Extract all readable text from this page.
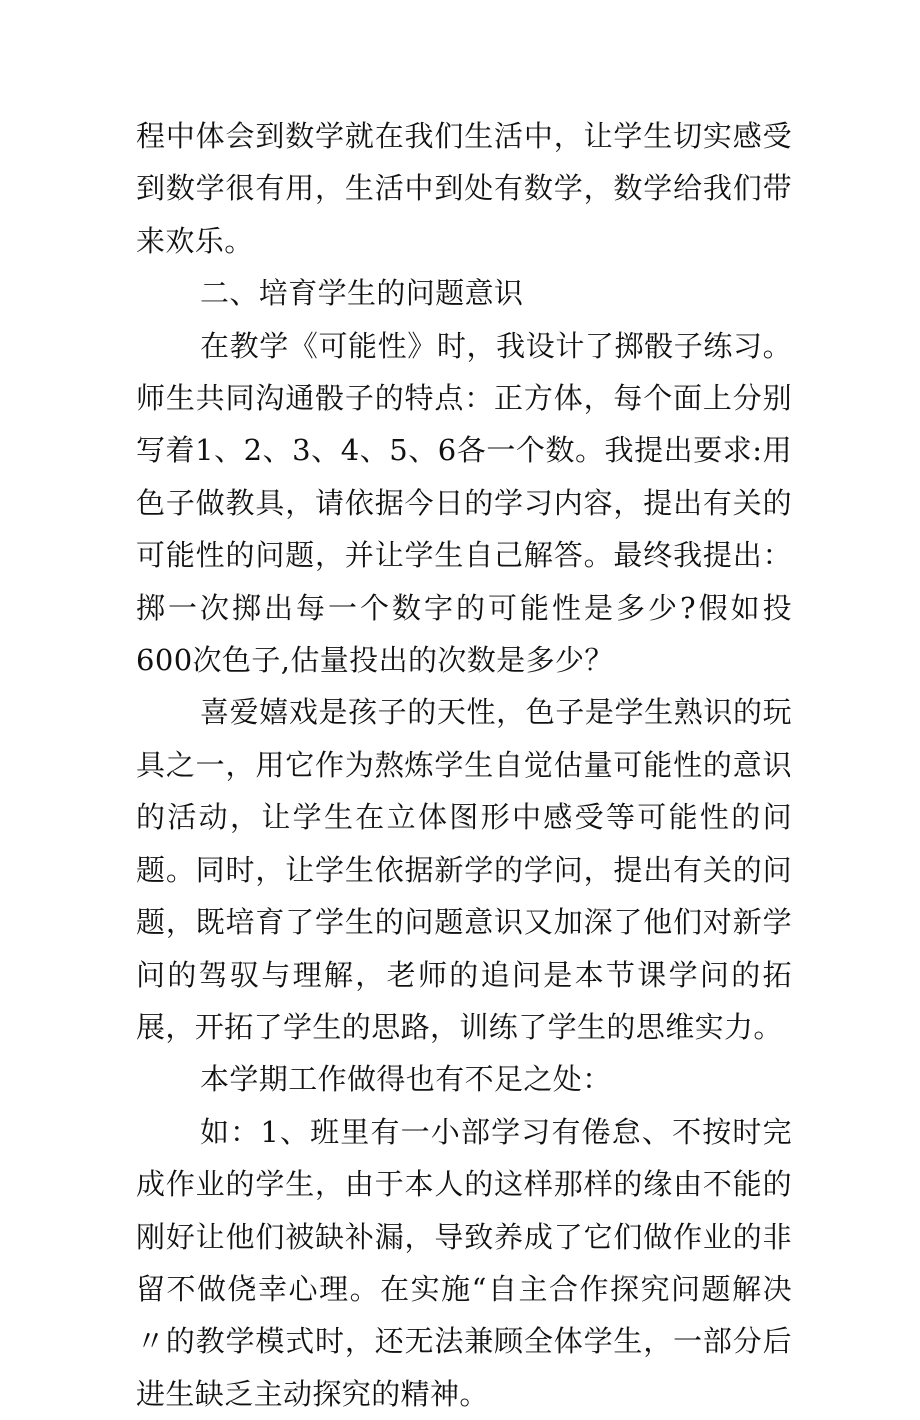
程中体会到数学就在我们生活中，让学生切实感受到数学很有用，生活中到处有数学，数学给我们带来欢乐。

二、培育学生的问题意识

在教学《可能性》时，我设计了掷骰子练习。师生共同沟通骰子的特点：正方体，每个面上分别写着1、2、3、4、5、6各一个数。我提出要求:用色子做教具，请依据今日的学习内容，提出有关的可能性的问题，并让学生自己解答。最终我提出：掷一次掷出每一个数字的可能性是多少?假如投600次色子,估量投出的次数是多少？

喜爱嬉戏是孩子的天性，色子是学生熟识的玩具之一，用它作为熬炼学生自觉估量可能性的意识的活动，让学生在立体图形中感受等可能性的问题。同时，让学生依据新学的学问，提出有关的问题，既培育了学生的问题意识又加深了他们对新学问的驾驭与理解，老师的追问是本节课学问的拓展，开拓了学生的思路，训练了学生的思维实力。

本学期工作做得也有不足之处：

如：1、班里有一小部学习有倦怠、不按时完成作业的学生，由于本人的这样那样的缘由不能的刚好让他们被缺补漏，导致养成了它们做作业的非留不做侥幸心理。在实施“自主合作探究问题解决〃的教学模式时，还无法兼顾全体学生，一部分后进生缺乏主动探究的精神。
